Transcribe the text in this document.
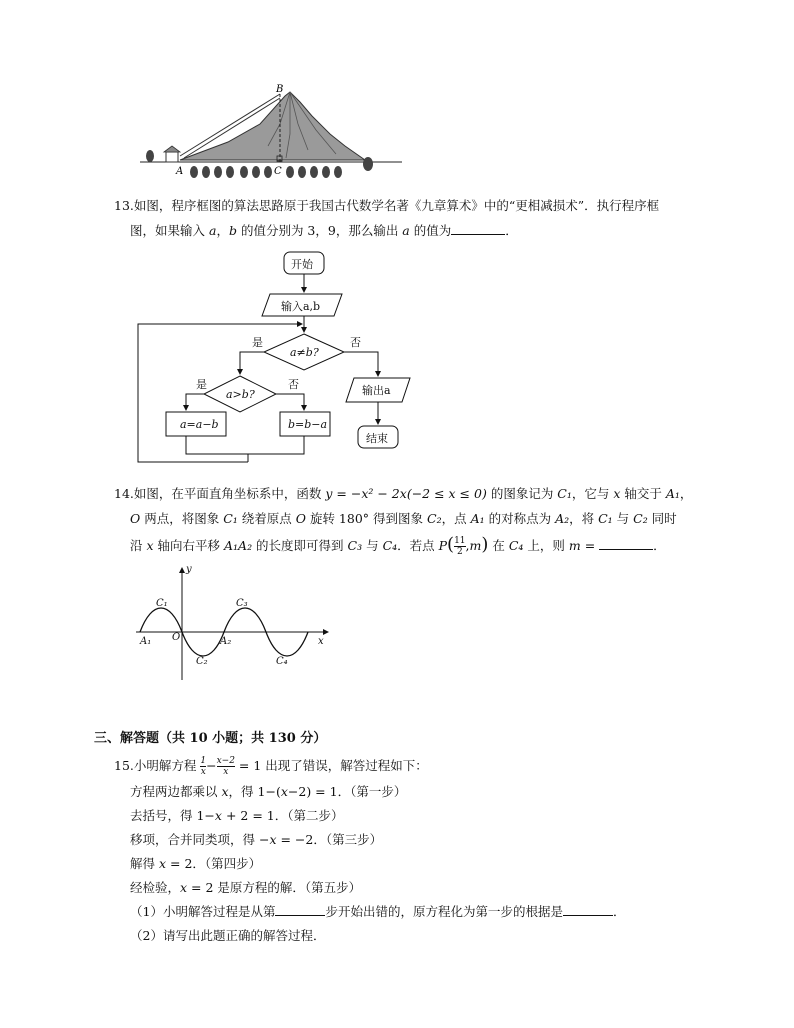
A
B
C
13.如图，程序框图的算法思路原于我国古代数学名著《九章算术》中的“更相减损术”．执行程序框
图，如果输入 a，b 的值分别为 3，9，那么输出 a 的值为	．
开始
输入a,b
a≠b?
是	否
a>b?
是	否
a=a−b	b=b−a
输出a
结束
14.如图，在平面直角坐标系中，函数 y = −x² − 2x(−2 ≤ x ≤ 0) 的图象记为 C₁，它与 x 轴交于 A₁，
O 两点，将图象 C₁ 绕着原点 O 旋转 180° 得到图象 C₂，点 A₁ 的对称点为 A₂，将 C₁ 与 C₂ 同时
沿 x 轴向右平移 A₁A₂ 的长度即可得到 C₃ 与 C₄．若点 $P( \frac{11}{2} ,m)$ 在 C₄ 上，则 m =	．
y
x
O
C₁	C₃
C₂	C₄
A₁	A₂
三、解答题（共 10 小题；共 130 分）
15.小明解方程 $\frac{1}{x} - \frac{x-2}{x} = 1$ 出现了错误，解答过程如下：
方程两边都乘以 x，得 1−(x−2) = 1．（第一步）
去括号，得 1−x + 2 = 1．（第二步）
移项，合并同类项，得 −x = −2．（第三步）
解得 x = 2．（第四步）
经检验，x = 2 是原方程的解．（第五步）
（1）小明解答过程是从第	步开始出错的，原方程化为第一步的根据是	．
（2）请写出此题正确的解答过程．
